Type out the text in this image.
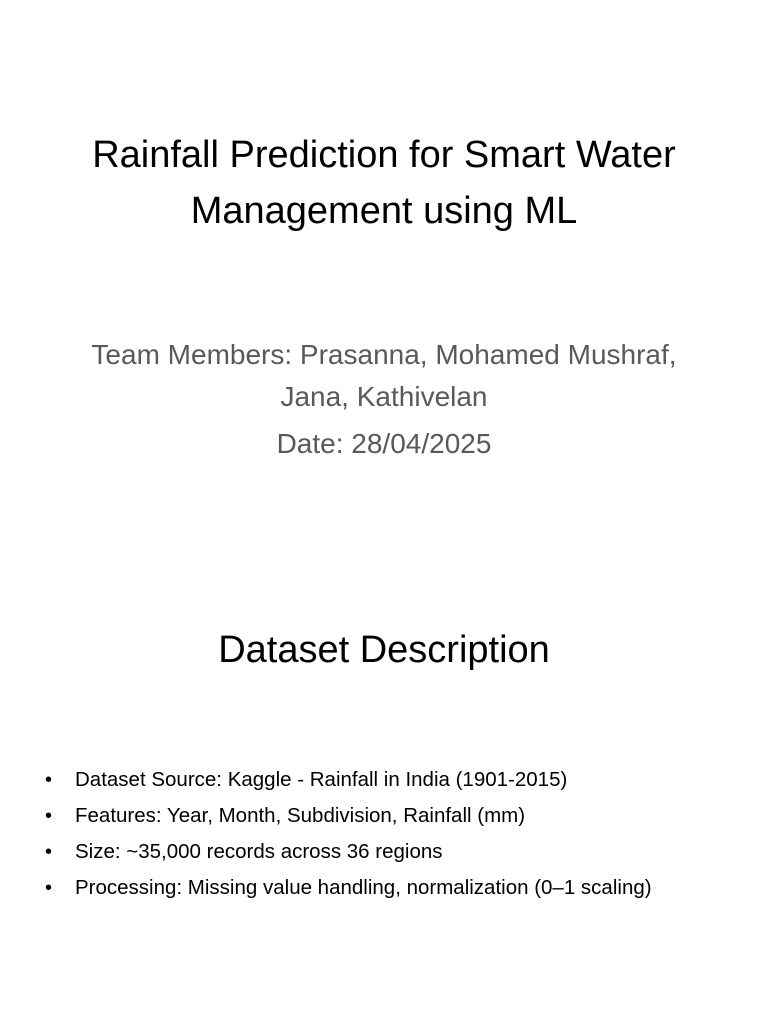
Rainfall Prediction for Smart Water Management using ML

Team Members: Prasanna, Mohamed Mushraf, Jana, Kathivelan

Date: 28/04/2025

Dataset Description
• Dataset Source: Kaggle - Rainfall in India (1901-2015)
• Features: Year, Month, Subdivision, Rainfall (mm)
• Size: ~35,000 records across 36 regions
• Processing: Missing value handling, normalization (0–1 scaling)
